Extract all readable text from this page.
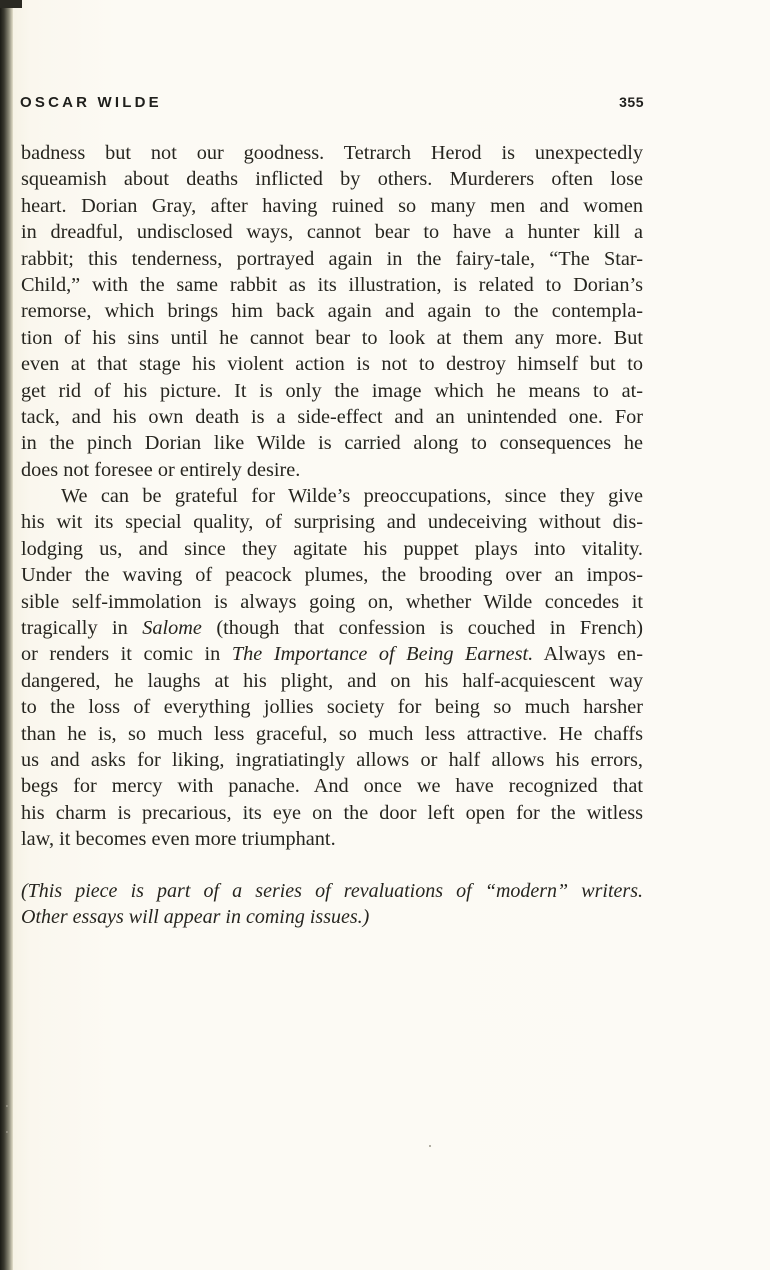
OSCAR WILDE	355
badness but not our goodness. Tetrarch Herod is unexpectedly
squeamish about deaths inflicted by others. Murderers often lose
heart. Dorian Gray, after having ruined so many men and women
in dreadful, undisclosed ways, cannot bear to have a hunter kill a
rabbit; this tenderness, portrayed again in the fairy-tale, “The Star-
Child,” with the same rabbit as its illustration, is related to Dorian’s
remorse, which brings him back again and again to the contempla-
tion of his sins until he cannot bear to look at them any more. But
even at that stage his violent action is not to destroy himself but to
get rid of his picture. It is only the image which he means to at-
tack, and his own death is a side-effect and an unintended one. For
in the pinch Dorian like Wilde is carried along to consequences he
does not foresee or entirely desire.
We can be grateful for Wilde’s preoccupations, since they give
his wit its special quality, of surprising and undeceiving without dis-
lodging us, and since they agitate his puppet plays into vitality.
Under the waving of peacock plumes, the brooding over an impos-
sible self-immolation is always going on, whether Wilde concedes it
tragically in Salome (though that confession is couched in French)
or renders it comic in The Importance of Being Earnest. Always en-
dangered, he laughs at his plight, and on his half-acquiescent way
to the loss of everything jollies society for being so much harsher
than he is, so much less graceful, so much less attractive. He chaffs
us and asks for liking, ingratiatingly allows or half allows his errors,
begs for mercy with panache. And once we have recognized that
his charm is precarious, its eye on the door left open for the witless
law, it becomes even more triumphant.
(This piece is part of a series of revaluations of “modern” writers.
Other essays will appear in coming issues.)
